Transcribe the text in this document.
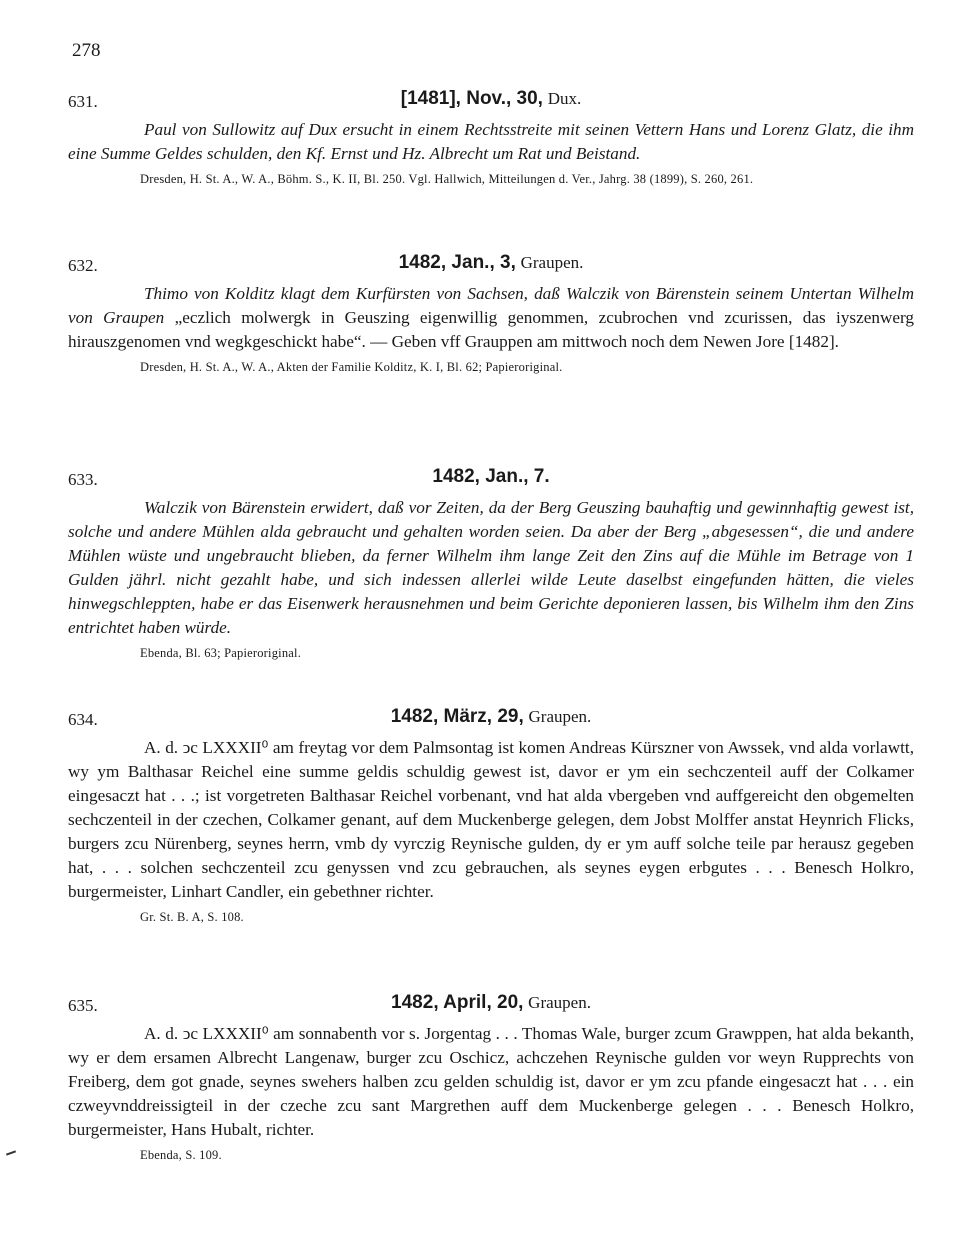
278
631.	[1481], Nov., 30, Dux.

Paul von Sullowitz auf Dux ersucht in einem Rechtsstreite mit seinen Vettern Hans und Lorenz Glatz, die ihm eine Summe Geldes schulden, den Kf. Ernst und Hz. Albrecht um Rat und Beistand.

Dresden, H. St. A., W. A., Böhm. S., K. II, Bl. 250. Vgl. Hallwich, Mitteilungen d. Ver., Jahrg. 38 (1899), S. 260, 261.
632.	1482, Jan., 3, Graupen.

Thimo von Kolditz klagt dem Kurfürsten von Sachsen, daß Walczik von Bärenstein seinem Untertan Wilhelm von Graupen „eczlich molwergk in Geuszing eigenwillig genommen, zcubrochen vnd zcurissen, das iyszenwerg hirauszgenomen vnd wegkgeschickt habe“. — Geben vff Grauppen am mittwoch noch dem Newen Jore [1482].

Dresden, H. St. A., W. A., Akten der Familie Kolditz, K. I, Bl. 62; Papieroriginal.
633.	1482, Jan., 7.

Walczik von Bärenstein erwidert, daß vor Zeiten, da der Berg Geuszing bauhaftig und gewinnhaftig gewest ist, solche und andere Mühlen alda gebraucht und gehalten worden seien. Da aber der Berg „abgesessen“, die und andere Mühlen wüste und ungebraucht blieben, da ferner Wilhelm ihm lange Zeit den Zins auf die Mühle im Betrage von 1 Gulden jährl. nicht gezahlt habe, und sich indessen allerlei wilde Leute daselbst eingefunden hätten, die vieles hinwegschleppten, habe er das Eisenwerk herausnehmen und beim Gerichte deponieren lassen, bis Wilhelm ihm den Zins entrichtet haben würde.

Ebenda, Bl. 63; Papieroriginal.
634.	1482, März, 29, Graupen.

A. d. ↄc LXXXII⁰ am freytag vor dem Palmsontag ist komen Andreas Kürszner von Awssek, vnd alda vorlawtt, wy ym Balthasar Reichel eine summe geldis schuldig gewest ist, davor er ym ein sechczenteil auff der Colkamer eingesaczt hat . . .; ist vorgetreten Balthasar Reichel vorbenant, vnd hat alda vbergeben vnd auffgereicht den obgemelten sechczenteil in der czechen, Colkamer genant, auf dem Muckenberge gelegen, dem Jobst Molffer anstat Heynrich Flicks, burgers zcu Nürenberg, seynes herrn, vmb dy vyrczig Reynische gulden, dy er ym auff solche teile par herausz gegeben hat, . . . solchen sechczenteil zcu genyssen vnd zcu gebrauchen, als seynes eygen erbgutes . . . Benesch Holkro, burgermeister, Linhart Candler, ein gebethner richter.

Gr. St. B. A, S. 108.
635.	1482, April, 20, Graupen.

A. d. ↄc LXXXII⁰ am sonnabenth vor s. Jorgentag . . . Thomas Wale, burger zcum Grawppen, hat alda bekanth, wy er dem ersamen Albrecht Langenaw, burger zcu Oschicz, achczehen Reynische gulden vor weyn Rupprechts von Freiberg, dem got gnade, seynes swehers halben zcu gelden schuldig ist, davor er ym zcu pfande eingesaczt hat . . . ein czweyvnddreissigteil in der czeche zcu sant Margrethen auff dem Muckenberge gelegen . . . Benesch Holkro, burgermeister, Hans Hubalt, richter.

Ebenda, S. 109.
